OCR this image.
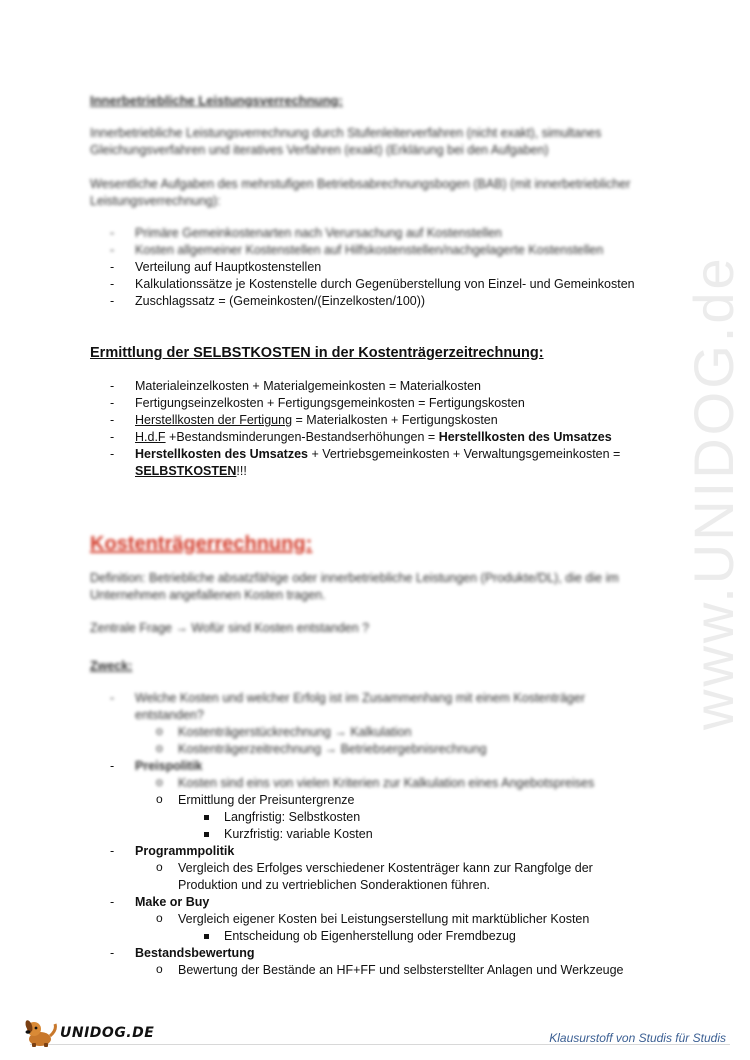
www.UNIDOG.de
Innerbetriebliche Leistungsverrechnung:
Innerbetriebliche Leistungsverrechnung durch Stufenleiterverfahren (nicht exakt), simultanes Gleichungsverfahren und iteratives Verfahren (exakt) (Erklärung bei den Aufgaben)
Wesentliche Aufgaben des mehrstufigen Betriebsabrechnungsbogen (BAB) (mit innerbetrieblicher Leistungsverrechnung):
- Primäre Gemeinkostenarten nach Verursachung auf Kostenstellen
- Kosten allgemeiner Kostenstellen auf Hilfskostenstellen/nachgelagerte Kostenstellen
- Verteilung auf Hauptkostenstellen
- Kalkulationssätze je Kostenstelle durch Gegenüberstellung von Einzel- und Gemeinkosten
- Zuschlagssatz = (Gemeinkosten/(Einzelkosten/100))
Ermittlung der SELBSTKOSTEN in der Kostenträgerzeitrechnung:
- Materialeinzelkosten + Materialgemeinkosten = Materialkosten
- Fertigungseinzelkosten + Fertigungsgemeinkosten = Fertigungskosten
- Herstellkosten der Fertigung = Materialkosten + Fertigungskosten
- H.d.F +Bestandsminderungen-Bestandserhöhungen = Herstellkosten des Umsatzes
- Herstellkosten des Umsatzes + Vertriebsgemeinkosten + Verwaltungsgemeinkosten =
SELBSTKOSTEN!!!
Kostenträgerrechnung:
Definition: Betriebliche absatzfähige oder innerbetriebliche Leistungen (Produkte/DL), die die im Unternehmen angefallenen Kosten tragen.
Zentrale Frage → Wofür sind Kosten entstanden ?
Zweck:
- Welche Kosten und welcher Erfolg ist im Zusammenhang mit einem Kostenträger entstanden?
o Kostenträgerstückrechnung → Kalkulation
o Kostenträgerzeitrechnung → Betriebsergebnisrechnung
- Preispolitik
o Kosten sind eins von vielen Kriterien zur Kalkulation eines Angebotspreises
o Ermittlung der Preisuntergrenze
Langfristig: Selbstkosten
Kurzfristig: variable Kosten
- Programmpolitik
o Vergleich des Erfolges verschiedener Kostenträger kann zur Rangfolge der Produktion und zu vertrieblichen Sonderaktionen führen.
- Make or Buy
o Vergleich eigener Kosten bei Leistungserstellung mit marktüblicher Kosten
Entscheidung ob Eigenherstellung oder Fremdbezug
- Bestandsbewertung
o Bewertung der Bestände an HF+FF und selbsterstellter Anlagen und Werkzeuge
UNIDOG.DE	Klausurstoff von Studis für Studis
